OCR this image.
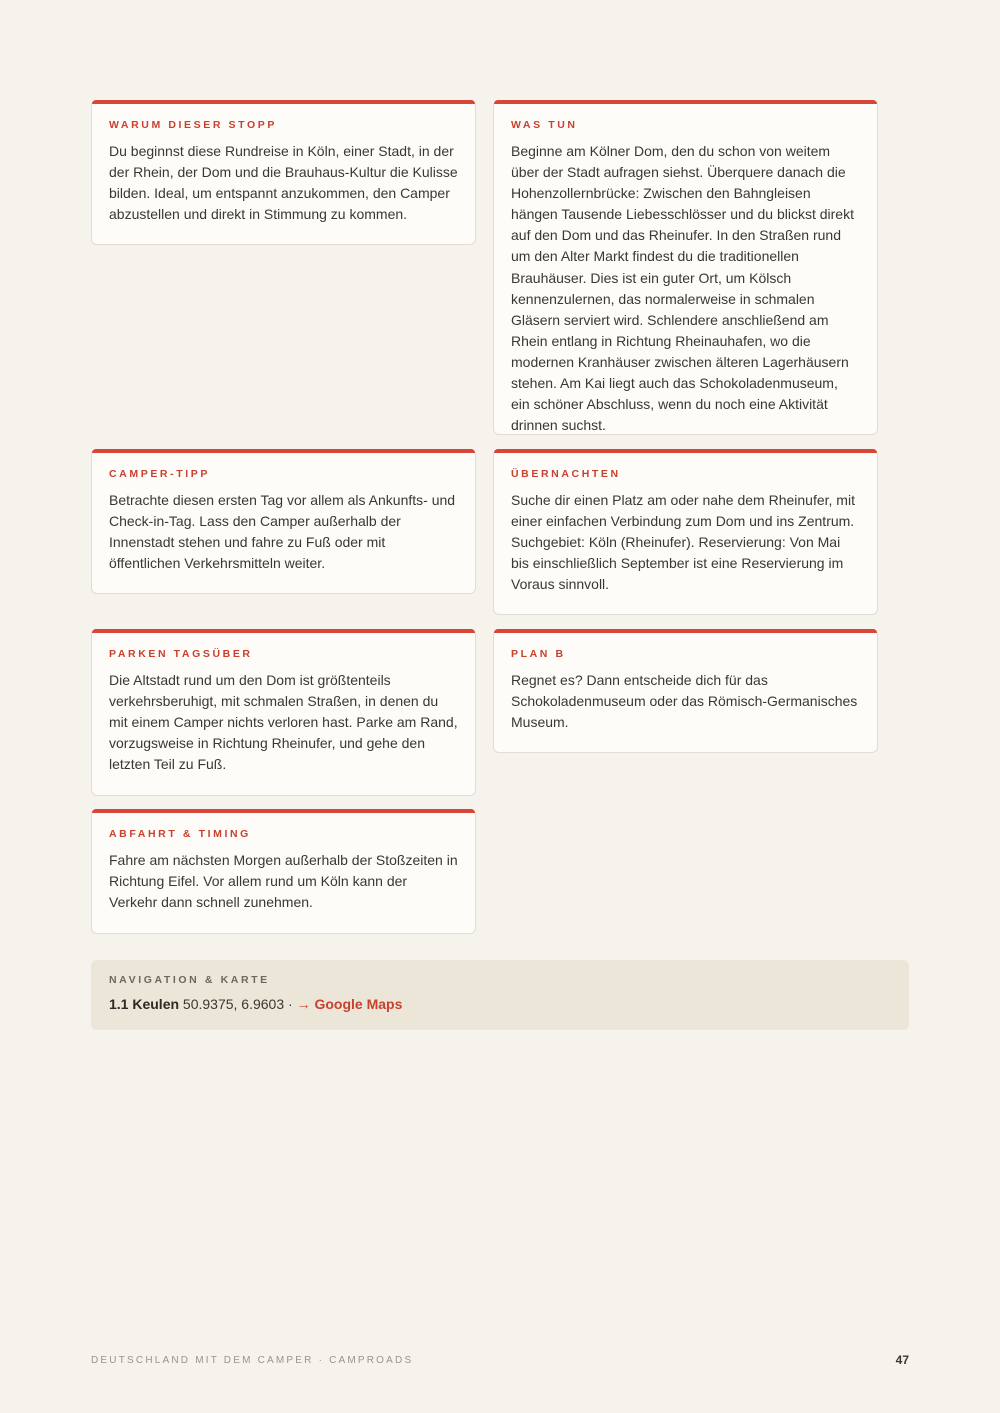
WARUM DIESER STOPP

Du beginnst diese Rundreise in Köln, einer Stadt, in der der Rhein, der Dom und die Brauhaus-Kultur die Kulisse bilden. Ideal, um entspannt anzukommen, den Camper abzustellen und direkt in Stimmung zu kommen.

WAS TUN

Beginne am Kölner Dom, den du schon von weitem über der Stadt aufragen siehst. Überquere danach die Hohenzollernbrücke: Zwischen den Bahngleisen hängen Tausende Liebesschlösser und du blickst direkt auf den Dom und das Rheinufer. In den Straßen rund um den Alter Markt findest du die traditionellen Brauhäuser. Dies ist ein guter Ort, um Kölsch kennenzulernen, das normalerweise in schmalen Gläsern serviert wird. Schlendere anschließend am Rhein entlang in Richtung Rheinauhafen, wo die modernen Kranhäuser zwischen älteren Lagerhäusern stehen. Am Kai liegt auch das Schokoladenmuseum, ein schöner Abschluss, wenn du noch eine Aktivität drinnen suchst.

CAMPER-TIPP

Betrachte diesen ersten Tag vor allem als Ankunfts- und Check-in-Tag. Lass den Camper außerhalb der Innenstadt stehen und fahre zu Fuß oder mit öffentlichen Verkehrsmitteln weiter.

ÜBERNACHTEN

Suche dir einen Platz am oder nahe dem Rheinufer, mit einer einfachen Verbindung zum Dom und ins Zentrum. Suchgebiet: Köln (Rheinufer). Reservierung: Von Mai bis einschließlich September ist eine Reservierung im Voraus sinnvoll.

PARKEN TAGSÜBER

Die Altstadt rund um den Dom ist größtenteils verkehrsberuhigt, mit schmalen Straßen, in denen du mit einem Camper nichts verloren hast. Parke am Rand, vorzugsweise in Richtung Rheinufer, und gehe den letzten Teil zu Fuß.

PLAN B

Regnet es? Dann entscheide dich für das Schokoladenmuseum oder das Römisch-Germanisches Museum.

ABFAHRT & TIMING

Fahre am nächsten Morgen außerhalb der Stoßzeiten in Richtung Eifel. Vor allem rund um Köln kann der Verkehr dann schnell zunehmen.

NAVIGATION & KARTE
1.1 Keulen 50.9375, 6.9603 · → Google Maps
DEUTSCHLAND MIT DEM CAMPER · CAMPROADS	47
